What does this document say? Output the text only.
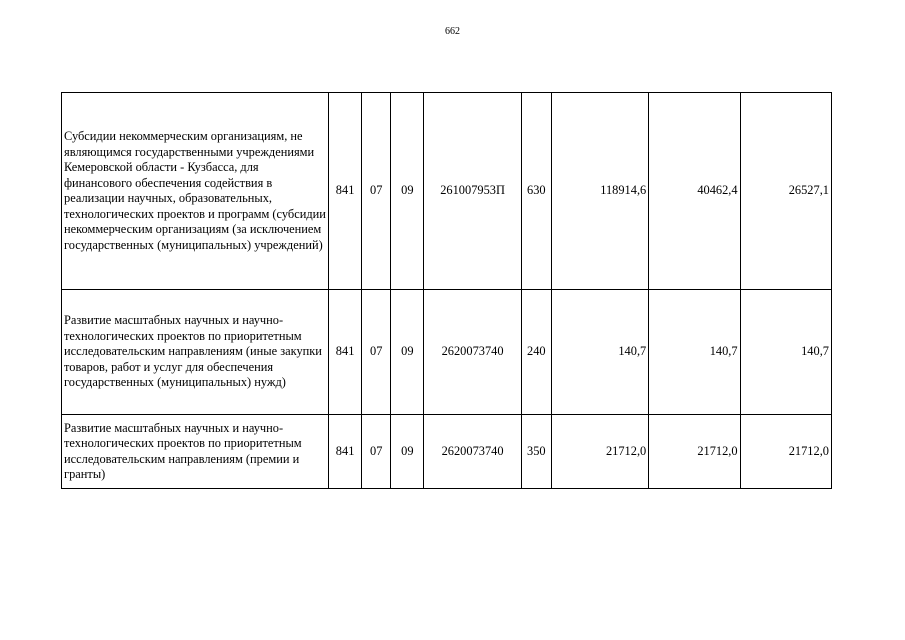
662
Субсидии некоммерческим организациям, не являющимся государственными учреждениями Кемеровской области - Кузбасса, для финансового обеспечения содействия в реализации научных, образовательных, технологических проектов и программ (субсидии некоммерческим организациям (за исключением государственных (муниципальных) учреждений)	841	07	09	261007953П	630	118914,6	40462,4	26527,1
Развитие масштабных научных и научно-технологических проектов по приоритетным исследовательским направлениям (иные закупки товаров, работ и услуг для обеспечения государственных (муниципальных) нужд)	841	07	09	2620073740	240	140,7	140,7	140,7
Развитие масштабных научных и научно-технологических проектов по приоритетным исследовательским направлениям (премии и гранты)	841	07	09	2620073740	350	21712,0	21712,0	21712,0
